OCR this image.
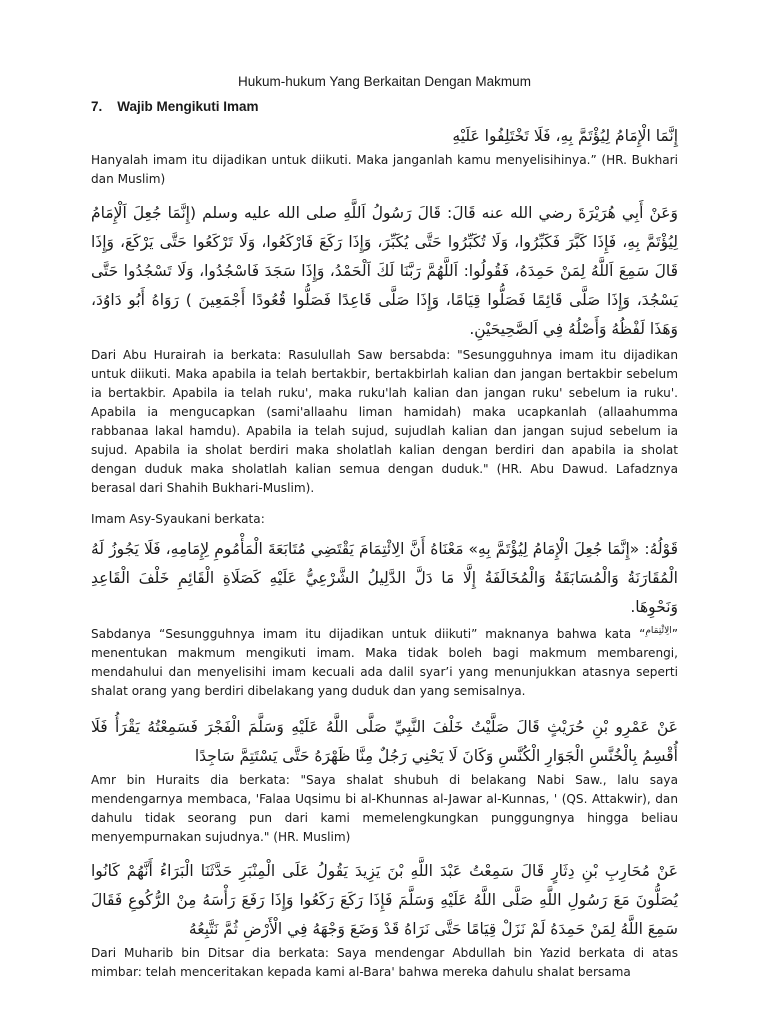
Hukum-hukum Yang Berkaitan Dengan Makmum
7. Wajib Mengikuti Imam

إِنَّمَا الْإِمَامُ لِيُؤْتَمَّ بِهِ، فَلَا تَخْتَلِفُوا عَلَيْهِ

Hanyalah imam itu dijadikan untuk diikuti. Maka janganlah kamu menyelisihinya.” (HR. Bukhari dan Muslim)

وَعَنْ أَبِي هُرَيْرَةَ رضي الله عنه قَالَ: قَالَ رَسُولُ اَللَّهِ صلى الله عليه وسلم (إِنَّمَا جُعِلَ اَلْإِمَامُ لِيُؤْتَمَّ بِهِ، فَإِذَا كَبَّرَ فَكَبِّرُوا، وَلَا تُكَبِّرُوا حَتَّى يُكَبِّرَ، وَإِذَا رَكَعَ فَارْكَعُوا، وَلَا تَرْكَعُوا حَتَّى يَرْكَعَ، وَإِذَا قَالَ سَمِعَ اَللَّهُ لِمَنْ حَمِدَهُ، فَقُولُوا: اَللَّهُمَّ رَبَّنَا لَكَ اَلْحَمْدُ، وَإِذَا سَجَدَ فَاسْجُدُوا، وَلَا تَسْجُدُوا حَتَّى يَسْجُدَ، وَإِذَا صَلَّى قَائِمًا فَصَلُّوا قِيَامًا، وَإِذَا صَلَّى قَاعِدًا فَصَلُّوا قُعُودًا أَجْمَعِينَ ) رَوَاهُ أَبُو دَاوُدَ، وَهَذَا لَفْظُهُ وَأَصْلُهُ فِي اَلصَّحِيحَيْنِ.

Dari Abu Hurairah ia berkata: Rasulullah Saw bersabda: "Sesungguhnya imam itu dijadikan untuk diikuti. Maka apabila ia telah bertakbir, bertakbirlah kalian dan jangan bertakbir sebelum ia bertakbir. Apabila ia telah ruku', maka ruku'lah kalian dan jangan ruku' sebelum ia ruku'. Apabila ia mengucapkan (sami'allaahu liman hamidah) maka ucapkanlah (allaahumma rabbanaa lakal hamdu). Apabila ia telah sujud, sujudlah kalian dan jangan sujud sebelum ia sujud. Apabila ia sholat berdiri maka sholatlah kalian dengan berdiri dan apabila ia sholat dengan duduk maka sholatlah kalian semua dengan duduk." (HR. Abu Dawud. Lafadznya berasal dari Shahih Bukhari-Muslim).

Imam Asy-Syaukani berkata:

قَوْلُهُ: «إِنَّمَا جُعِلَ الْإِمَامُ لِيُؤْتَمَّ بِهِ» مَعْنَاهُ أَنَّ الِائْتِمَامَ يَقْتَضِي مُتَابَعَةَ الْمَأْمُومِ لِإِمَامِهِ، فَلَا يَجُوزُ لَهُ الْمُقَارَنَةُ وَالْمُسَابَقَةُ وَالْمُخَالَفَةُ إِلَّا مَا دَلَّ الدَّلِيلُ الشَّرْعِيُّ عَلَيْهِ كَصَلَاةِ الْقَائِمِ خَلْفَ الْقَاعِدِ وَنَحْوِهَا.

Sabdanya “Sesungguhnya imam itu dijadikan untuk diikuti” maknanya bahwa kata “$^{الِائْتِمَامِ}$” menentukan makmum mengikuti imam. Maka tidak boleh bagi makmum membarengi, mendahului dan menyelisihi imam kecuali ada dalil syar’i yang menunjukkan atasnya seperti shalat orang yang berdiri dibelakang yang duduk dan yang semisalnya.

عَنْ عَمْرِو بْنِ حُرَيْثٍ قَالَ صَلَّيْتُ خَلْفَ النَّبِيِّ صَلَّى اللَّهُ عَلَيْهِ وَسَلَّمَ الْفَجْرَ فَسَمِعْتُهُ يَقْرَأُ فَلَا أُقْسِمُ بِالْخُنَّسِ الْجَوَارِ الْكُنَّسِ وَكَانَ لَا يَحْنِي رَجُلٌ مِنَّا ظَهْرَهُ حَتَّى يَسْتَتِمَّ سَاجِدًا

Amr bin Huraits dia berkata: "Saya shalat shubuh di belakang Nabi Saw., lalu saya mendengarnya membaca, 'Falaa Uqsimu bi al-Khunnas al-Jawar al-Kunnas, ' (QS. Attakwir), dan dahulu tidak seorang pun dari kami memelengkungkan punggungnya hingga beliau menyempurnakan sujudnya." (HR. Muslim)

عَنْ مُحَارِبِ بْنِ دِثَارٍ قَالَ سَمِعْتُ عَبْدَ اللَّهِ بْنَ يَزِيدَ يَقُولُ عَلَى الْمِنْبَرِ حَدَّثَنَا الْبَرَاءُ أَنَّهُمْ كَانُوا يُصَلُّونَ مَعَ رَسُولِ اللَّهِ صَلَّى اللَّهُ عَلَيْهِ وَسَلَّمَ فَإِذَا رَكَعَ رَكَعُوا وَإِذَا رَفَعَ رَأْسَهُ مِنْ الرُّكُوعِ فَقَالَ سَمِعَ اللَّهُ لِمَنْ حَمِدَهُ لَمْ نَزَلْ قِيَامًا حَتَّى نَرَاهُ قَدْ وَضَعَ وَجْهَهُ فِي الْأَرْضِ ثُمَّ نَتَّبِعُهُ

Dari Muharib bin Ditsar dia berkata: Saya mendengar Abdullah bin Yazid berkata di atas mimbar: telah menceritakan kepada kami al-Bara' bahwa mereka dahulu shalat bersama
